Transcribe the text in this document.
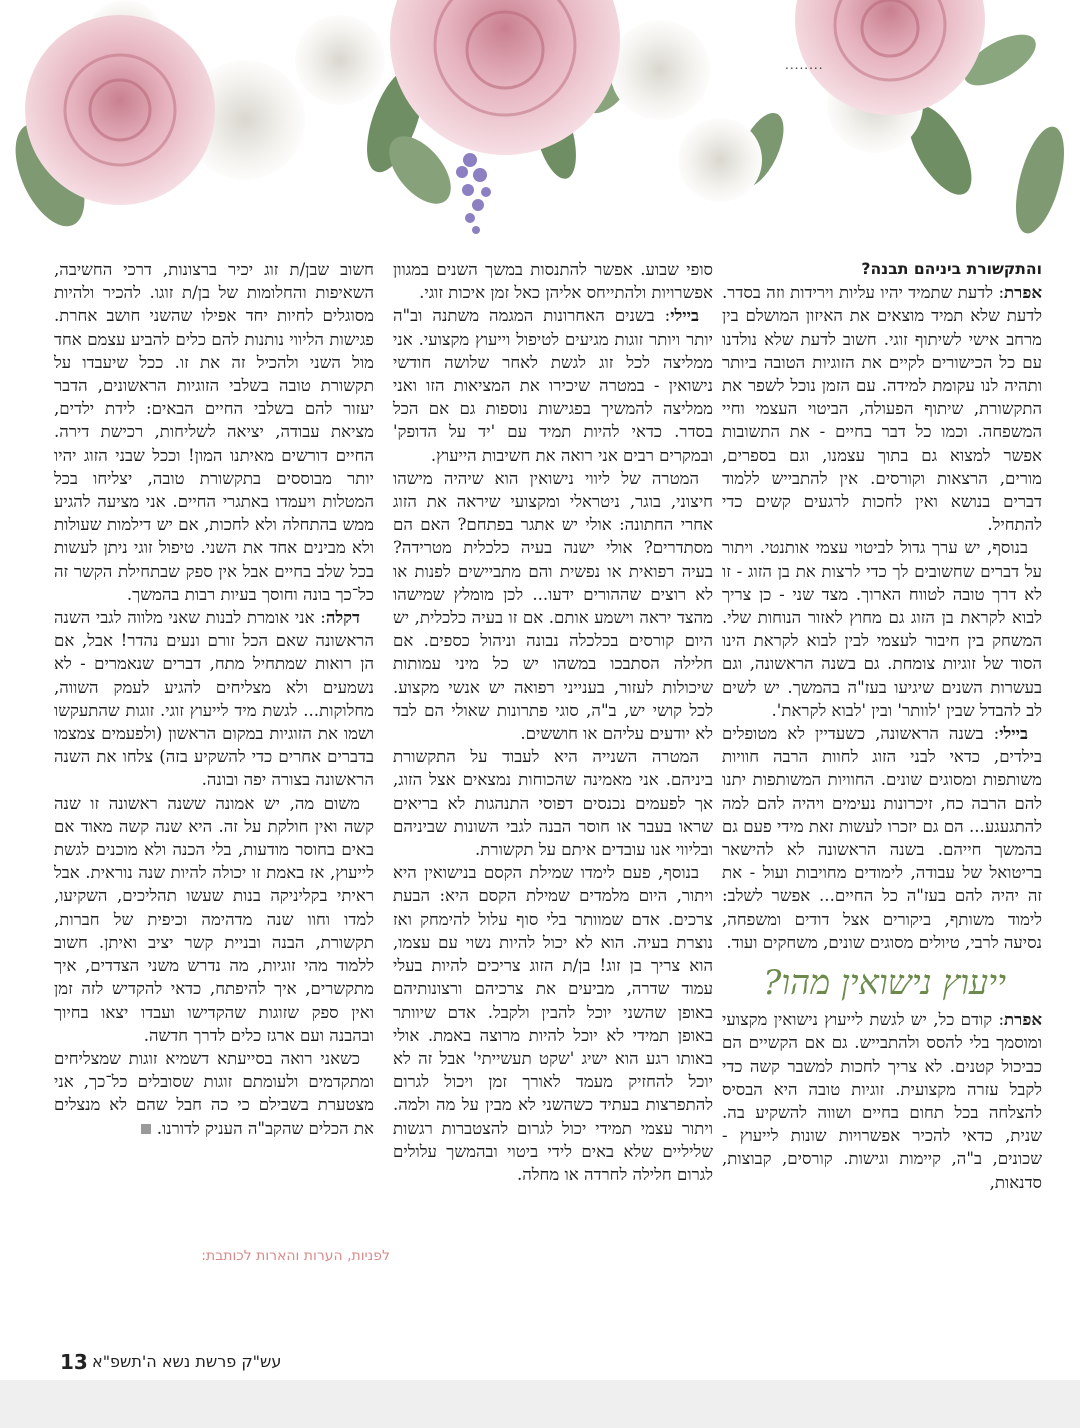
........

והתקשורת ביניהם תבנה?

אפרת: לדעת שתמיד יהיו עליות וירידות וזה בסדר. לדעת שלא תמיד מוצאים את האיזון המושלם בין מרחב אישי לשיתוף זוגי. חשוב לדעת שלא נולדנו עם כל הכישורים לקיים את הזוגיות הטובה ביותר ותהיה לנו עקומת למידה. עם הזמן נוכל לשפר את התקשורת, שיתוף הפעולה, הביטוי העצמי וחיי המשפחה. וכמו כל דבר בחיים - את התשובות אפשר למצוא גם בתוך עצמנו, וגם בספרים, מורים, הרצאות וקורסים. אין להתבייש ללמוד דברים בנושא ואין לחכות לרגעים קשים כדי להתחיל.

בנוסף, יש ערך גדול לביטוי עצמי אותנטי. ויתור על דברים שחשובים לך כדי לרצות את בן הזוג - זו לא דרך טובה לטווח הארוך. מצד שני - כן צריך לבוא לקראת בן הזוג גם מחוץ לאזור הנוחות שלי. המשחק בין חיבור לעצמי לבין לבוא לקראת הינו הסוד של זוגיות צומחת. גם בשנה הראשונה, וגם בעשרות השנים שיגיעו בעז"ה בהמשך. יש לשים לב להבדל שבין 'לוותר' ובין 'לבוא לקראת'.

ביילי: בשנה הראשונה, כשעדיין לא מטופלים בילדים, כדאי לבני הזוג לחוות הרבה חוויות משותפות ומסוגים שונים. החוויות המשותפות יתנו להם הרבה כח, זיכרונות נעימים ויהיה להם למה להתגעגע... הם גם יזכרו לעשות זאת מידי פעם גם בהמשך חייהם. בשנה הראשונה לא להישאר בריטואל של עבודה, לימודים מחויבות ועול - את זה יהיה להם בעז"ה כל החיים... אפשר לשלב: לימוד משותף, ביקורים אצל דודים ומשפחה, נסיעה לרבי, טיולים מסוגים שונים, משחקים ועוד.

ייעוץ נישואין מהו?

אפרת: קודם כל, יש לגשת לייעוץ נישואין מקצועי ומוסמך בלי להסס ולהתבייש. גם אם הקשיים הם כביכול קטנים. לא צריך לחכות למשבר קשה כדי לקבל עזרה מקצועית. זוגיות טובה היא הבסיס להצלחה בכל תחום בחיים ושווה להשקיע בה. שנית, כדאי להכיר אפשרויות שונות לייעוץ - שכונים, ב"ה, קיימות וגישות. קורסים, קבוצות, סדנאות,

סופי שבוע. אפשר להתנסות במשך השנים במגוון אפשרויות ולהתייחס אליהן כאל זמן איכות זוגי.

ביילי: בשנים האחרונות המגמה משתנה וב"ה יותר ויותר זוגות מגיעים לטיפול וייעוץ מקצועי. אני ממליצה לכל זוג לגשת לאחר שלושה חודשי נישואין - במטרה שיכירו את המציאות הזו ואני ממליצה להמשיך בפגישות נוספות גם אם הכל בסדר. כדאי להיות תמיד עם 'יד על הדופק' ובמקרים רבים אני רואה את חשיבות הייעוץ.

המטרה של ליווי נישואין הוא שיהיה מישהו חיצוני, בוגר, ניטראלי ומקצועי שיראה את הזוג אחרי החתונה: אולי יש אתגר בפתחם? האם הם מסתדרים? אולי ישנה בעיה כלכלית מטרידה? בעיה רפואית או נפשית והם מתביישים לפנות או לא רוצים שההורים ידעו... לכן מומלץ שמישהו מהצד יראה וישמע אותם. אם זו בעיה כלכלית, יש היום קורסים בכלכלה נבונה וניהול כספים. אם חלילה הסתבכו במשהו יש כל מיני עמותות שיכולות לעזור, בענייני רפואה יש אנשי מקצוע. לכל קושי יש, ב"ה, סוגי פתרונות שאולי הם לבד לא יודעים עליהם או חוששים.

המטרה השנייה היא לעבוד על התקשורת ביניהם. אני מאמינה שהכוחות נמצאים אצל הזוג, אך לפעמים נכנסים דפוסי התנהגות לא בריאים שראו בעבר או חוסר הבנה לגבי השונות שביניהם ובליווי אנו עובדים איתם על תקשורת.

בנוסף, פעם לימדו שמילת הקסם בנישואין היא ויתור, היום מלמדים שמילת הקסם היא: הבעת צרכים. אדם שמוותר בלי סוף עלול להימחק ואז נוצרת בעיה. הוא לא יכול להיות נשוי עם עצמו, הוא צריך בן זוג! בן/ת הזוג צריכים להיות בעלי עמוד שדרה, מביעים את צרכיהם ורצונותיהם באופן שהשני יוכל להבין ולקבל. אדם שיוותר באופן תמידי לא יוכל להיות מרוצה באמת. אולי באותו רגע הוא ישיג 'שקט תעשייתי' אבל זה לא יוכל להחזיק מעמד לאורך זמן ויכול לגרום להתפרצות בעתיד כשהשני לא מבין על מה ולמה. ויתור עצמי תמידי יכול לגרום להצטברות רגשות שליליים שלא באים לידי ביטוי ובהמשך עלולים לגרום חלילה לחרדה או מחלה.

חשוב שבן/ת זוג יכיר ברצונות, דרכי החשיבה, השאיפות והחלומות של בן/ת זוגו. להכיר ולהיות מסוגלים לחיות יחד אפילו שהשני חושב אחרת. פגישות הליווי נותנות להם כלים להביע עצמם אחד מול השני ולהכיל זה את זו. ככל שיעבדו על תקשורת טובה בשלבי הזוגיות הראשונים, הדבר יעזור להם בשלבי החיים הבאים: לידת ילדים, מציאת עבודה, יציאה לשליחות, רכישת דירה. החיים דורשים מאיתנו המון! וככל שבני הזוג יהיו יותר מבוססים בתקשורת טובה, יצליחו בכל המטלות ויעמדו באתגרי החיים. אני מציעה להגיע ממש בהתחלה ולא לחכות, אם יש דילמות שעולות ולא מבינים אחד את השני. טיפול זוגי ניתן לעשות בכל שלב בחיים אבל אין ספק שבתחילת הקשר זה כל־כך בונה וחוסך בעיות רבות בהמשך.

דקלה: אני אומרת לבנות שאני מלווה לגבי השנה הראשונה שאם הכל זורם ונעים נהדר! אבל, אם הן רואות שמתחיל מתח, דברים שנאמרים - לא נשמעים ולא מצליחים להגיע לעמק השווה, מחלוקות... לגשת מיד לייעוץ זוגי. זוגות שהתעקשו ושמו את הזוגיות במקום הראשון (ולפעמים צמצמו בדברים אחרים כדי להשקיע בזה) צלחו את השנה הראשונה בצורה יפה ובונה.

משום מה, יש אמונה ששנה ראשונה זו שנה קשה ואין חולקת על זה. היא שנה קשה מאוד אם באים בחוסר מודעות, בלי הכנה ולא מוכנים לגשת לייעוץ, אז באמת זו יכולה להיות שנה נוראית. אבל ראיתי בקליניקה בנות שעשו תהליכים, השקיעו, למדו וחוו שנה מדהימה וכיפית של חברות, תקשורת, הבנה ובניית קשר יציב ואיתן. חשוב ללמוד מהי זוגיות, מה נדרש משני הצדדים, איך מתקשרים, איך להיפתח, כדאי להקדיש לזה זמן ואין ספק שזוגות שהקדישו ועבדו יצאו בחיוך ובהבנה ועם ארגז כלים לדרך חדשה.

כשאני רואה בסייעתא דשמיא זוגות שמצליחים ומתקדמים ולעומתם זוגות שסובלים כל־כך, אני מצטערת בשבילם כי כה חבל שהם לא מנצלים את הכלים שהקב"ה העניק לדורנו.

לפניות, הערות והארות לכותבת:
13 עש"ק פרשת נשא ה'תשפ"א
